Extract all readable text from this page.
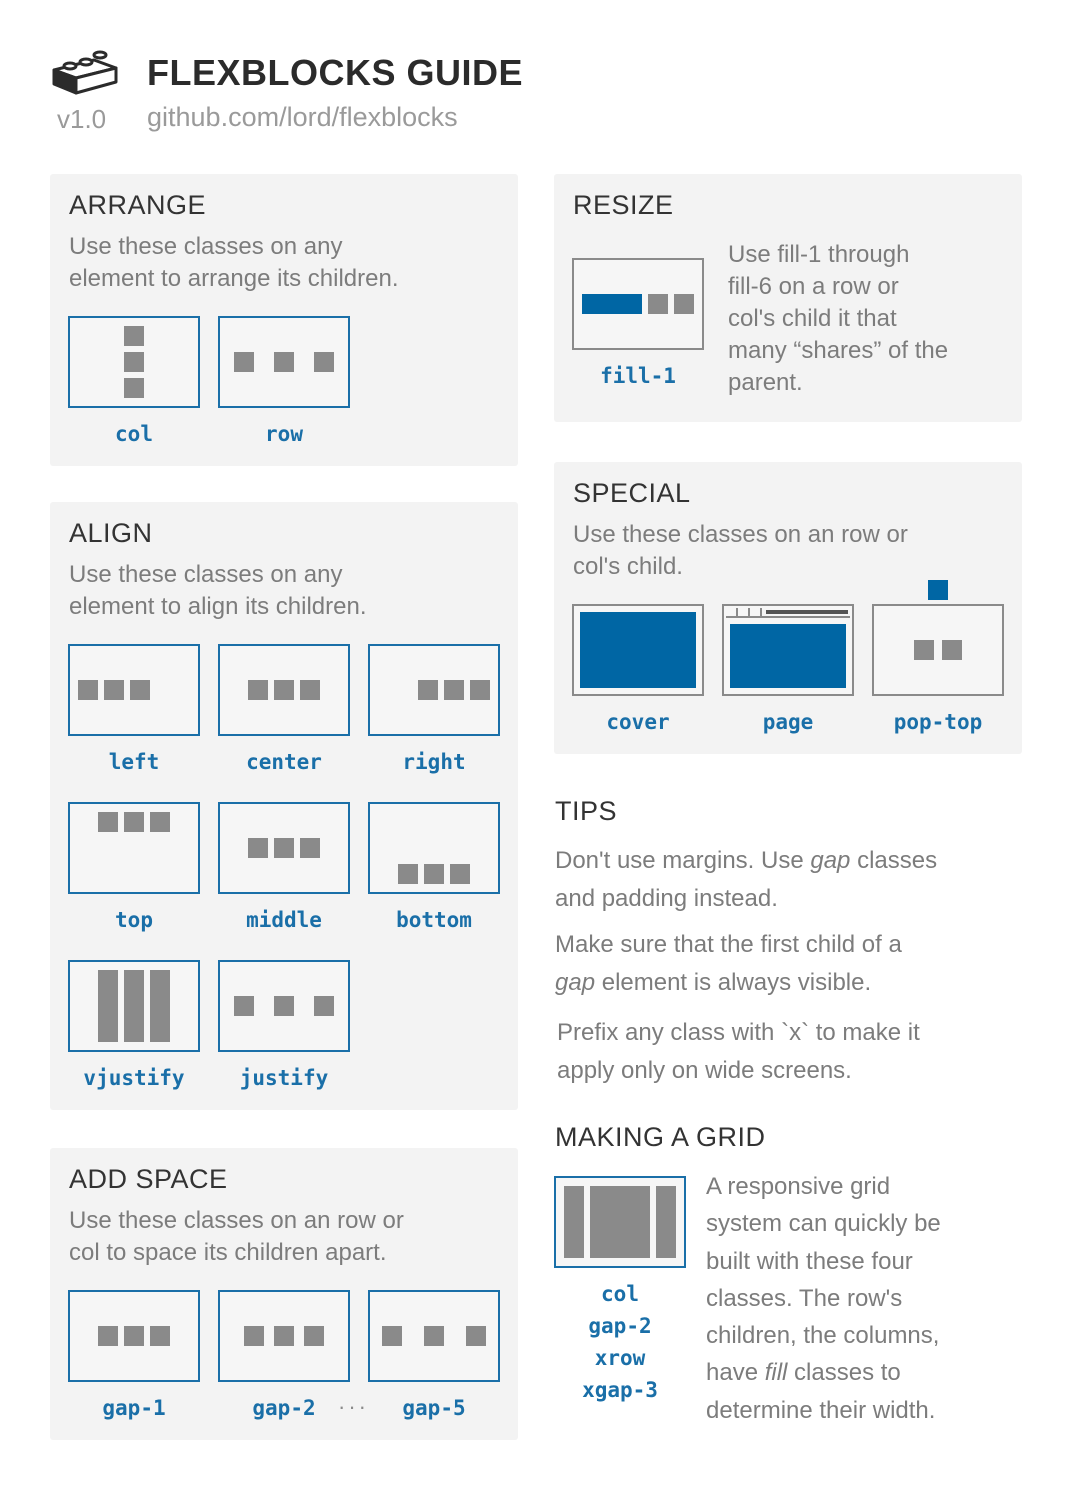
FLEXBLOCKS GUIDE
v1.0 github.com/lord/flexblocks
ARRANGE
Use these classes on any
element to arrange its children.
col	row
ALIGN
Use these classes on any
element to align its children.
left	center	right
top	middle	bottom
vjustify	justify
ADD SPACE
Use these classes on an row or
col to space its children apart.
gap-1	gap-2	···	gap-5
RESIZE
fill-1
Use fill-1 through
fill-6 on a row or
col's child it that
many “shares” of the
parent.
SPECIAL
Use these classes on an row or
col's child.
cover	page	pop-top
TIPS
Don't use margins. Use gap classes
and padding instead.
Make sure that the first child of a
gap element is always visible.
Prefix any class with `x` to make it
apply only on wide screens.
MAKING A GRID
col
gap-2
xrow
xgap-3
A responsive grid
system can quickly be
built with these four
classes. The row's
children, the columns,
have fill classes to
determine their width.
